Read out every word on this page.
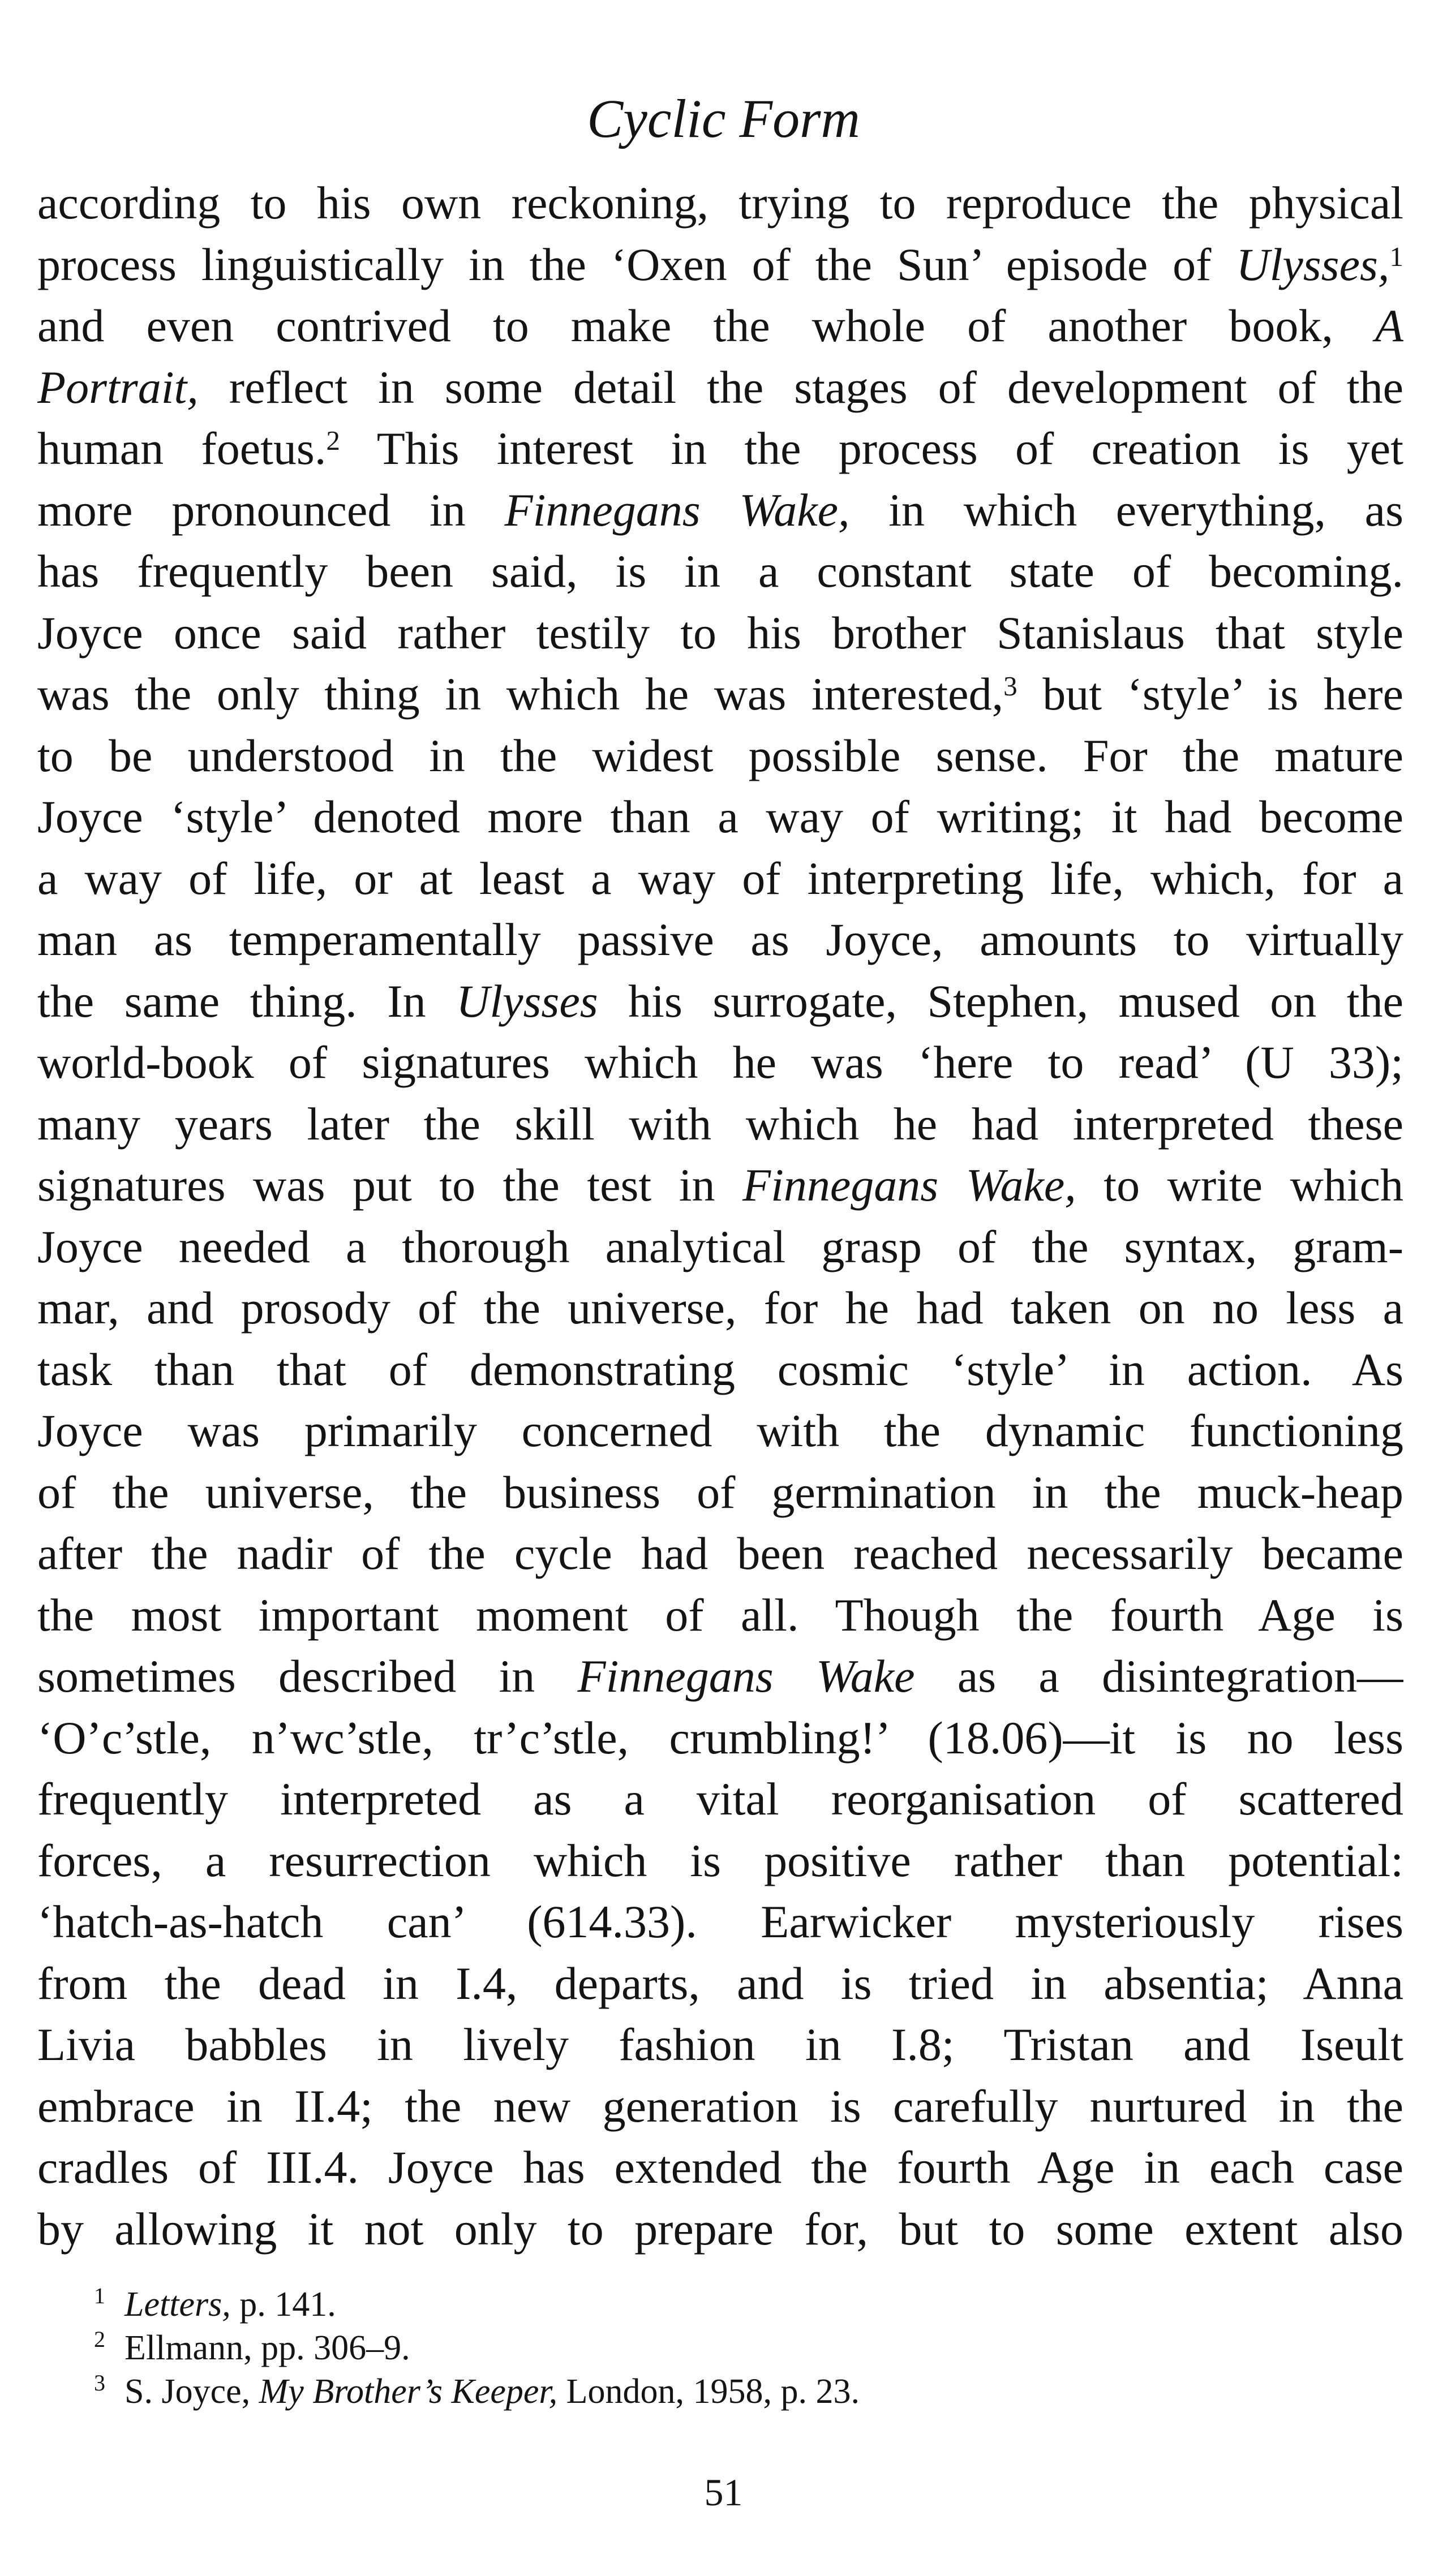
Cyclic Form
according to his own reckoning, trying to reproduce the physical
process linguistically in the ‘Oxen of the Sun’ episode of Ulysses,$^1$
and even contrived to make the whole of another book, A
Portrait, reflect in some detail the stages of development of the
human foetus.$^2$ This interest in the process of creation is yet
more pronounced in Finnegans Wake, in which everything, as
has frequently been said, is in a constant state of becoming.
Joyce once said rather testily to his brother Stanislaus that style
was the only thing in which he was interested,$^3$ but ‘style’ is here
to be understood in the widest possible sense. For the mature
Joyce ‘style’ denoted more than a way of writing; it had become
a way of life, or at least a way of interpreting life, which, for a
man as temperamentally passive as Joyce, amounts to virtually
the same thing. In Ulysses his surrogate, Stephen, mused on the
world-book of signatures which he was ‘here to read’ (U 33);
many years later the skill with which he had interpreted these
signatures was put to the test in Finnegans Wake, to write which
Joyce needed a thorough analytical grasp of the syntax, gram-
mar, and prosody of the universe, for he had taken on no less a
task than that of demonstrating cosmic ‘style’ in action. As
Joyce was primarily concerned with the dynamic functioning
of the universe, the business of germination in the muck-heap
after the nadir of the cycle had been reached necessarily became
the most important moment of all. Though the fourth Age is
sometimes described in Finnegans Wake as a disintegration—
‘O’c’stle, n’wc’stle, tr’c’stle, crumbling!’ (18.06)—it is no less
frequently interpreted as a vital reorganisation of scattered
forces, a resurrection which is positive rather than potential:
‘hatch-as-hatch can’ (614.33). Earwicker mysteriously rises
from the dead in I.4, departs, and is tried in absentia; Anna
Livia babbles in lively fashion in I.8; Tristan and Iseult
embrace in II.4; the new generation is carefully nurtured in the
cradles of III.4. Joyce has extended the fourth Age in each case
by allowing it not only to prepare for, but to some extent also
1 Letters, p. 141.
2 Ellmann, pp. 306–9.
3 S. Joyce, My Brother’s Keeper, London, 1958, p. 23.
51
